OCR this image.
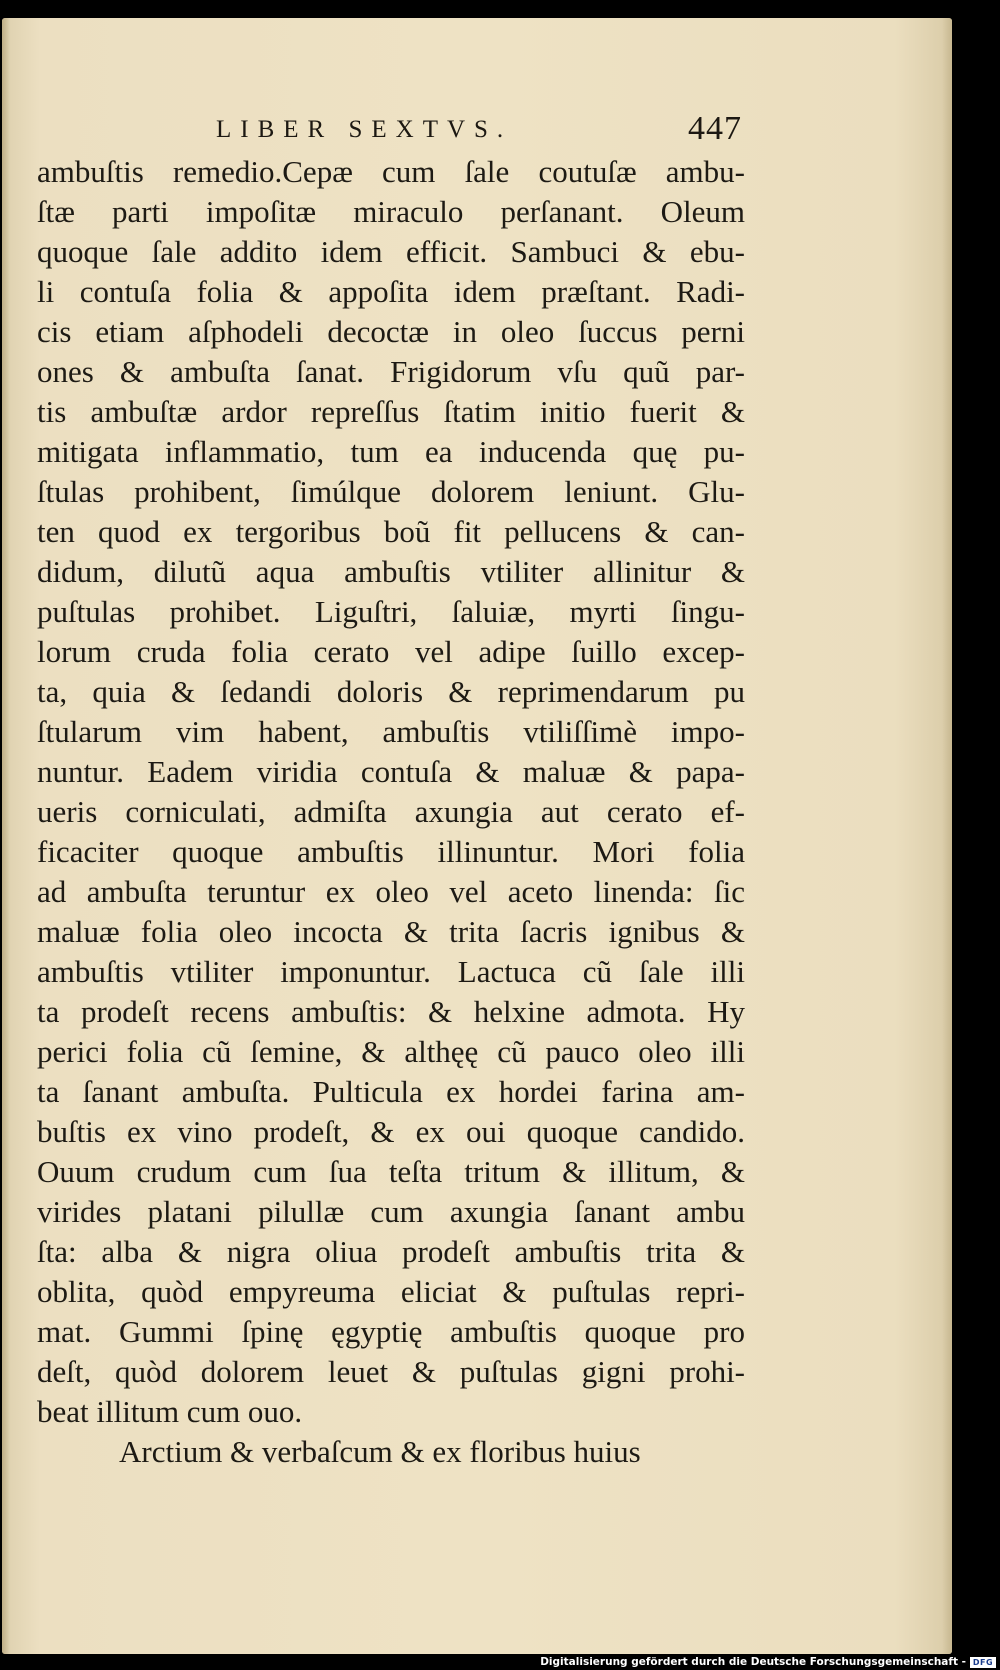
LIBER SEXTVS.	447
ambuſtis remedio.Cepæ cum ſale coutuſæ ambu-
ſtæ parti impoſitæ miraculo perſanant. Oleum
quoque ſale addito idem efficit. Sambuci & ebu-
li contuſa folia & appoſita idem præſtant. Radi-
cis etiam aſphodeli decoctæ in oleo ſuccus perni
ones & ambuſta ſanat. Frigidorum vſu quũ par-
tis ambuſtæ ardor repreſſus ſtatim initio fuerit &
mitigata inflammatio, tum ea inducenda quę pu-
ſtulas prohibent, ſimúlque dolorem leniunt. Glu-
ten quod ex tergoribus boũ fit pellucens & can-
didum, dilutũ aqua ambuſtis vtiliter allinitur &
puſtulas prohibet. Liguſtri, ſaluiæ, myrti ſingu-
lorum cruda folia cerato vel adipe ſuillo excep-
ta, quia & ſedandi doloris & reprimendarum pu
ſtularum vim habent, ambuſtis vtiliſſimè impo-
nuntur. Eadem viridia contuſa & maluæ & papa-
ueris corniculati, admiſta axungia aut cerato ef-
ficaciter quoque ambuſtis illinuntur. Mori folia
ad ambuſta teruntur ex oleo vel aceto linenda: ſic
maluæ folia oleo incocta & trita ſacris ignibus &
ambuſtis vtiliter imponuntur. Lactuca cũ ſale illi
ta prodeſt recens ambuſtis: & helxine admota. Hy
perici folia cũ ſemine, & althęę cũ pauco oleo illi
ta ſanant ambuſta. Pulticula ex hordei farina am-
buſtis ex vino prodeſt, & ex oui quoque candido.
Ouum crudum cum ſua teſta tritum & illitum, &
virides platani pilullæ cum axungia ſanant ambu
ſta: alba & nigra oliua prodeſt ambuſtis trita &
oblita, quòd empyreuma eliciat & puſtulas repri-
mat. Gummi ſpinę ęgyptię ambuſtis quoque pro
deſt, quòd dolorem leuet & puſtulas gigni prohi-
beat illitum cum ouo.
Arctium & verbaſcum & ex floribus huius
Digitalisierung gefördert durch die Deutsche Forschungsgemeinschaft - DFG
